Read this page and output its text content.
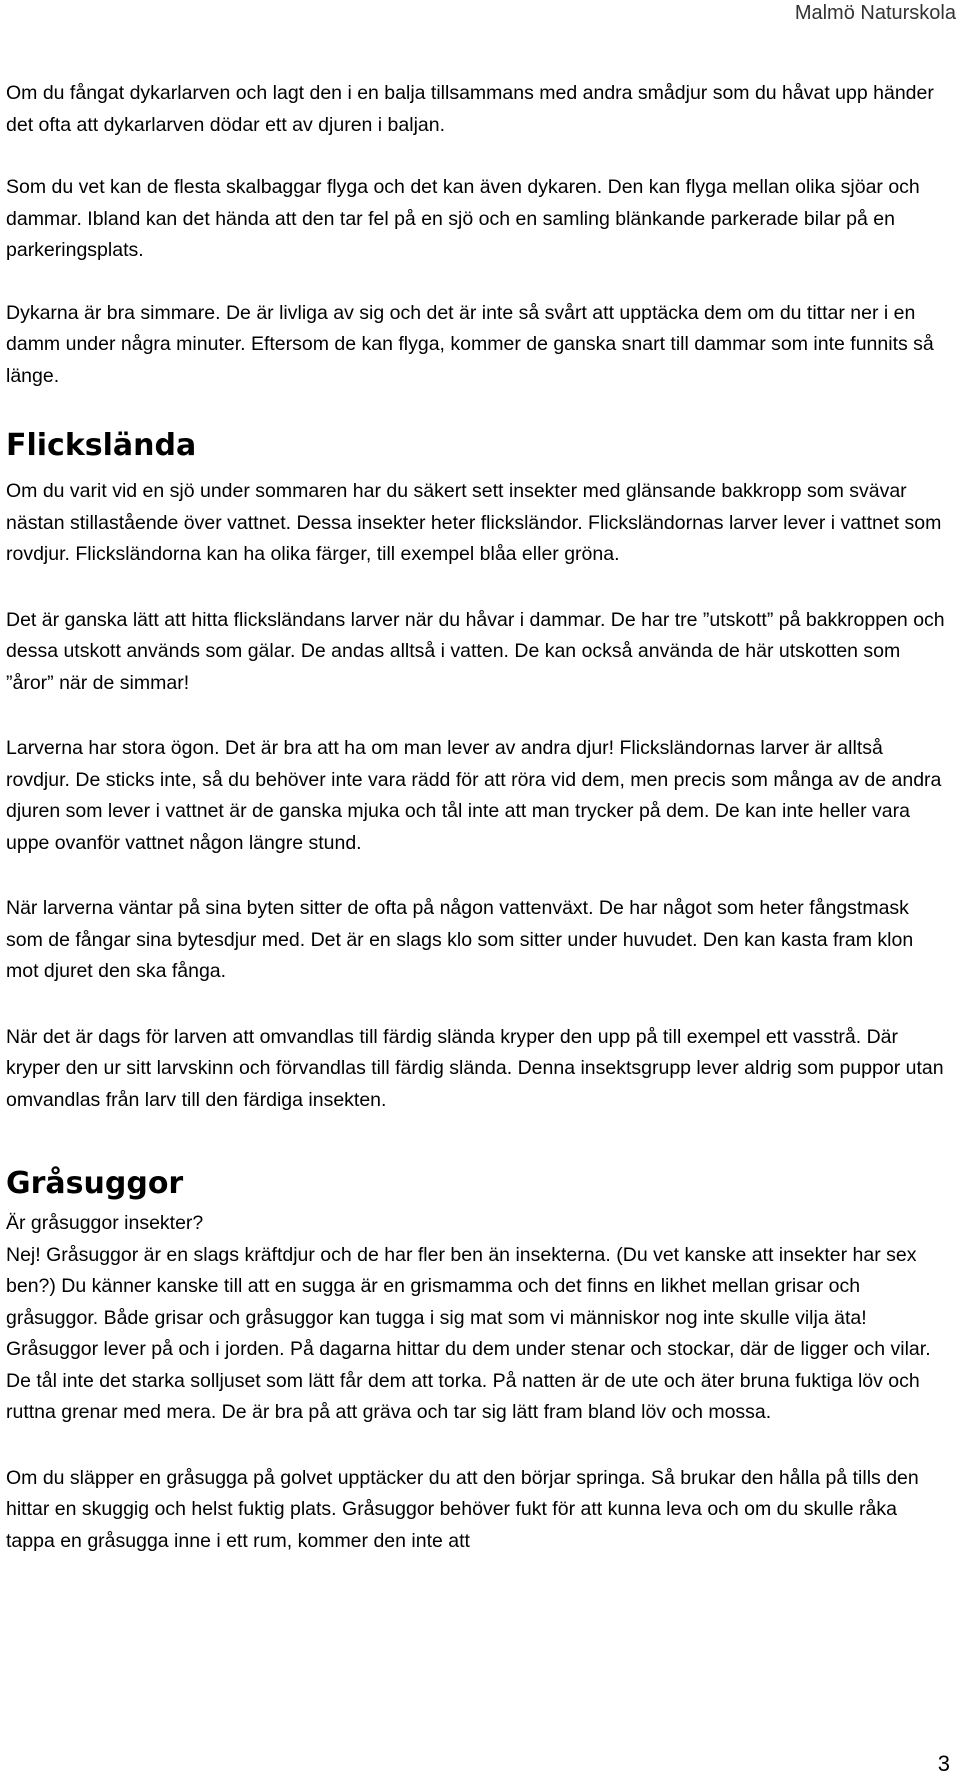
Malmö Naturskola

Om du fångat dykarlarven och lagt den i en balja tillsammans med andra smådjur som du håvat upp händer det ofta att dykarlarven dödar ett av djuren i baljan.

Som du vet kan de flesta skalbaggar flyga och det kan även dykaren. Den kan flyga mellan olika sjöar och dammar. Ibland kan det hända att den tar fel på en sjö och en samling blänkande parkerade bilar på en parkeringsplats.

Dykarna är bra simmare. De är livliga av sig och det är inte så svårt att upptäcka dem om du tittar ner i en damm under några minuter. Eftersom de kan flyga, kommer de ganska snart till dammar som inte funnits så länge.

Flickslända

Om du varit vid en sjö under sommaren har du säkert sett insekter med glänsande bakkropp som svävar nästan stillastående över vattnet. Dessa insekter heter flicksländor. Flicksländornas larver lever i vattnet som rovdjur. Flicksländorna kan ha olika färger, till exempel blåa eller gröna.

Det är ganska lätt att hitta flicksländans larver när du håvar i dammar. De har tre ”utskott” på bakkroppen och dessa utskott används som gälar. De andas alltså i vatten. De kan också använda de här utskotten som ”åror” när de simmar!

Larverna har stora ögon. Det är bra att ha om man lever av andra djur! Flicksländornas larver är alltså rovdjur. De sticks inte, så du behöver inte vara rädd för att röra vid dem, men precis som många av de andra djuren som lever i vattnet är de ganska mjuka och tål inte att man trycker på dem. De kan inte heller vara uppe ovanför vattnet någon längre stund.

När larverna väntar på sina byten sitter de ofta på någon vattenväxt. De har något som heter fångstmask som de fångar sina bytesdjur med. Det är en slags klo som sitter under huvudet. Den kan kasta fram klon mot djuret den ska fånga.

När det är dags för larven att omvandlas till färdig slända kryper den upp på till exempel ett vasstrå. Där kryper den ur sitt larvskinn och förvandlas till färdig slända. Denna insektsgrupp lever aldrig som puppor utan omvandlas från larv till den färdiga insekten.

Gråsuggor

Är gråsuggor insekter?

Nej! Gråsuggor är en slags kräftdjur och de har fler ben än insekterna. (Du vet kanske att insekter har sex ben?) Du känner kanske till att en sugga är en grismamma och det finns en likhet mellan grisar och gråsuggor. Både grisar och gråsuggor kan tugga i sig mat som vi människor nog inte skulle vilja äta! Gråsuggor lever på och i jorden. På dagarna hittar du dem under stenar och stockar, där de ligger och vilar. De tål inte det starka solljuset som lätt får dem att torka. På natten är de ute och äter bruna fuktiga löv och ruttna grenar med mera. De är bra på att gräva och tar sig lätt fram bland löv och mossa.

Om du släpper en gråsugga på golvet upptäcker du att den börjar springa. Så brukar den hålla på tills den hittar en skuggig och helst fuktig plats. Gråsuggor behöver fukt för att kunna leva och om du skulle råka tappa en gråsugga inne i ett rum, kommer den inte att

3
